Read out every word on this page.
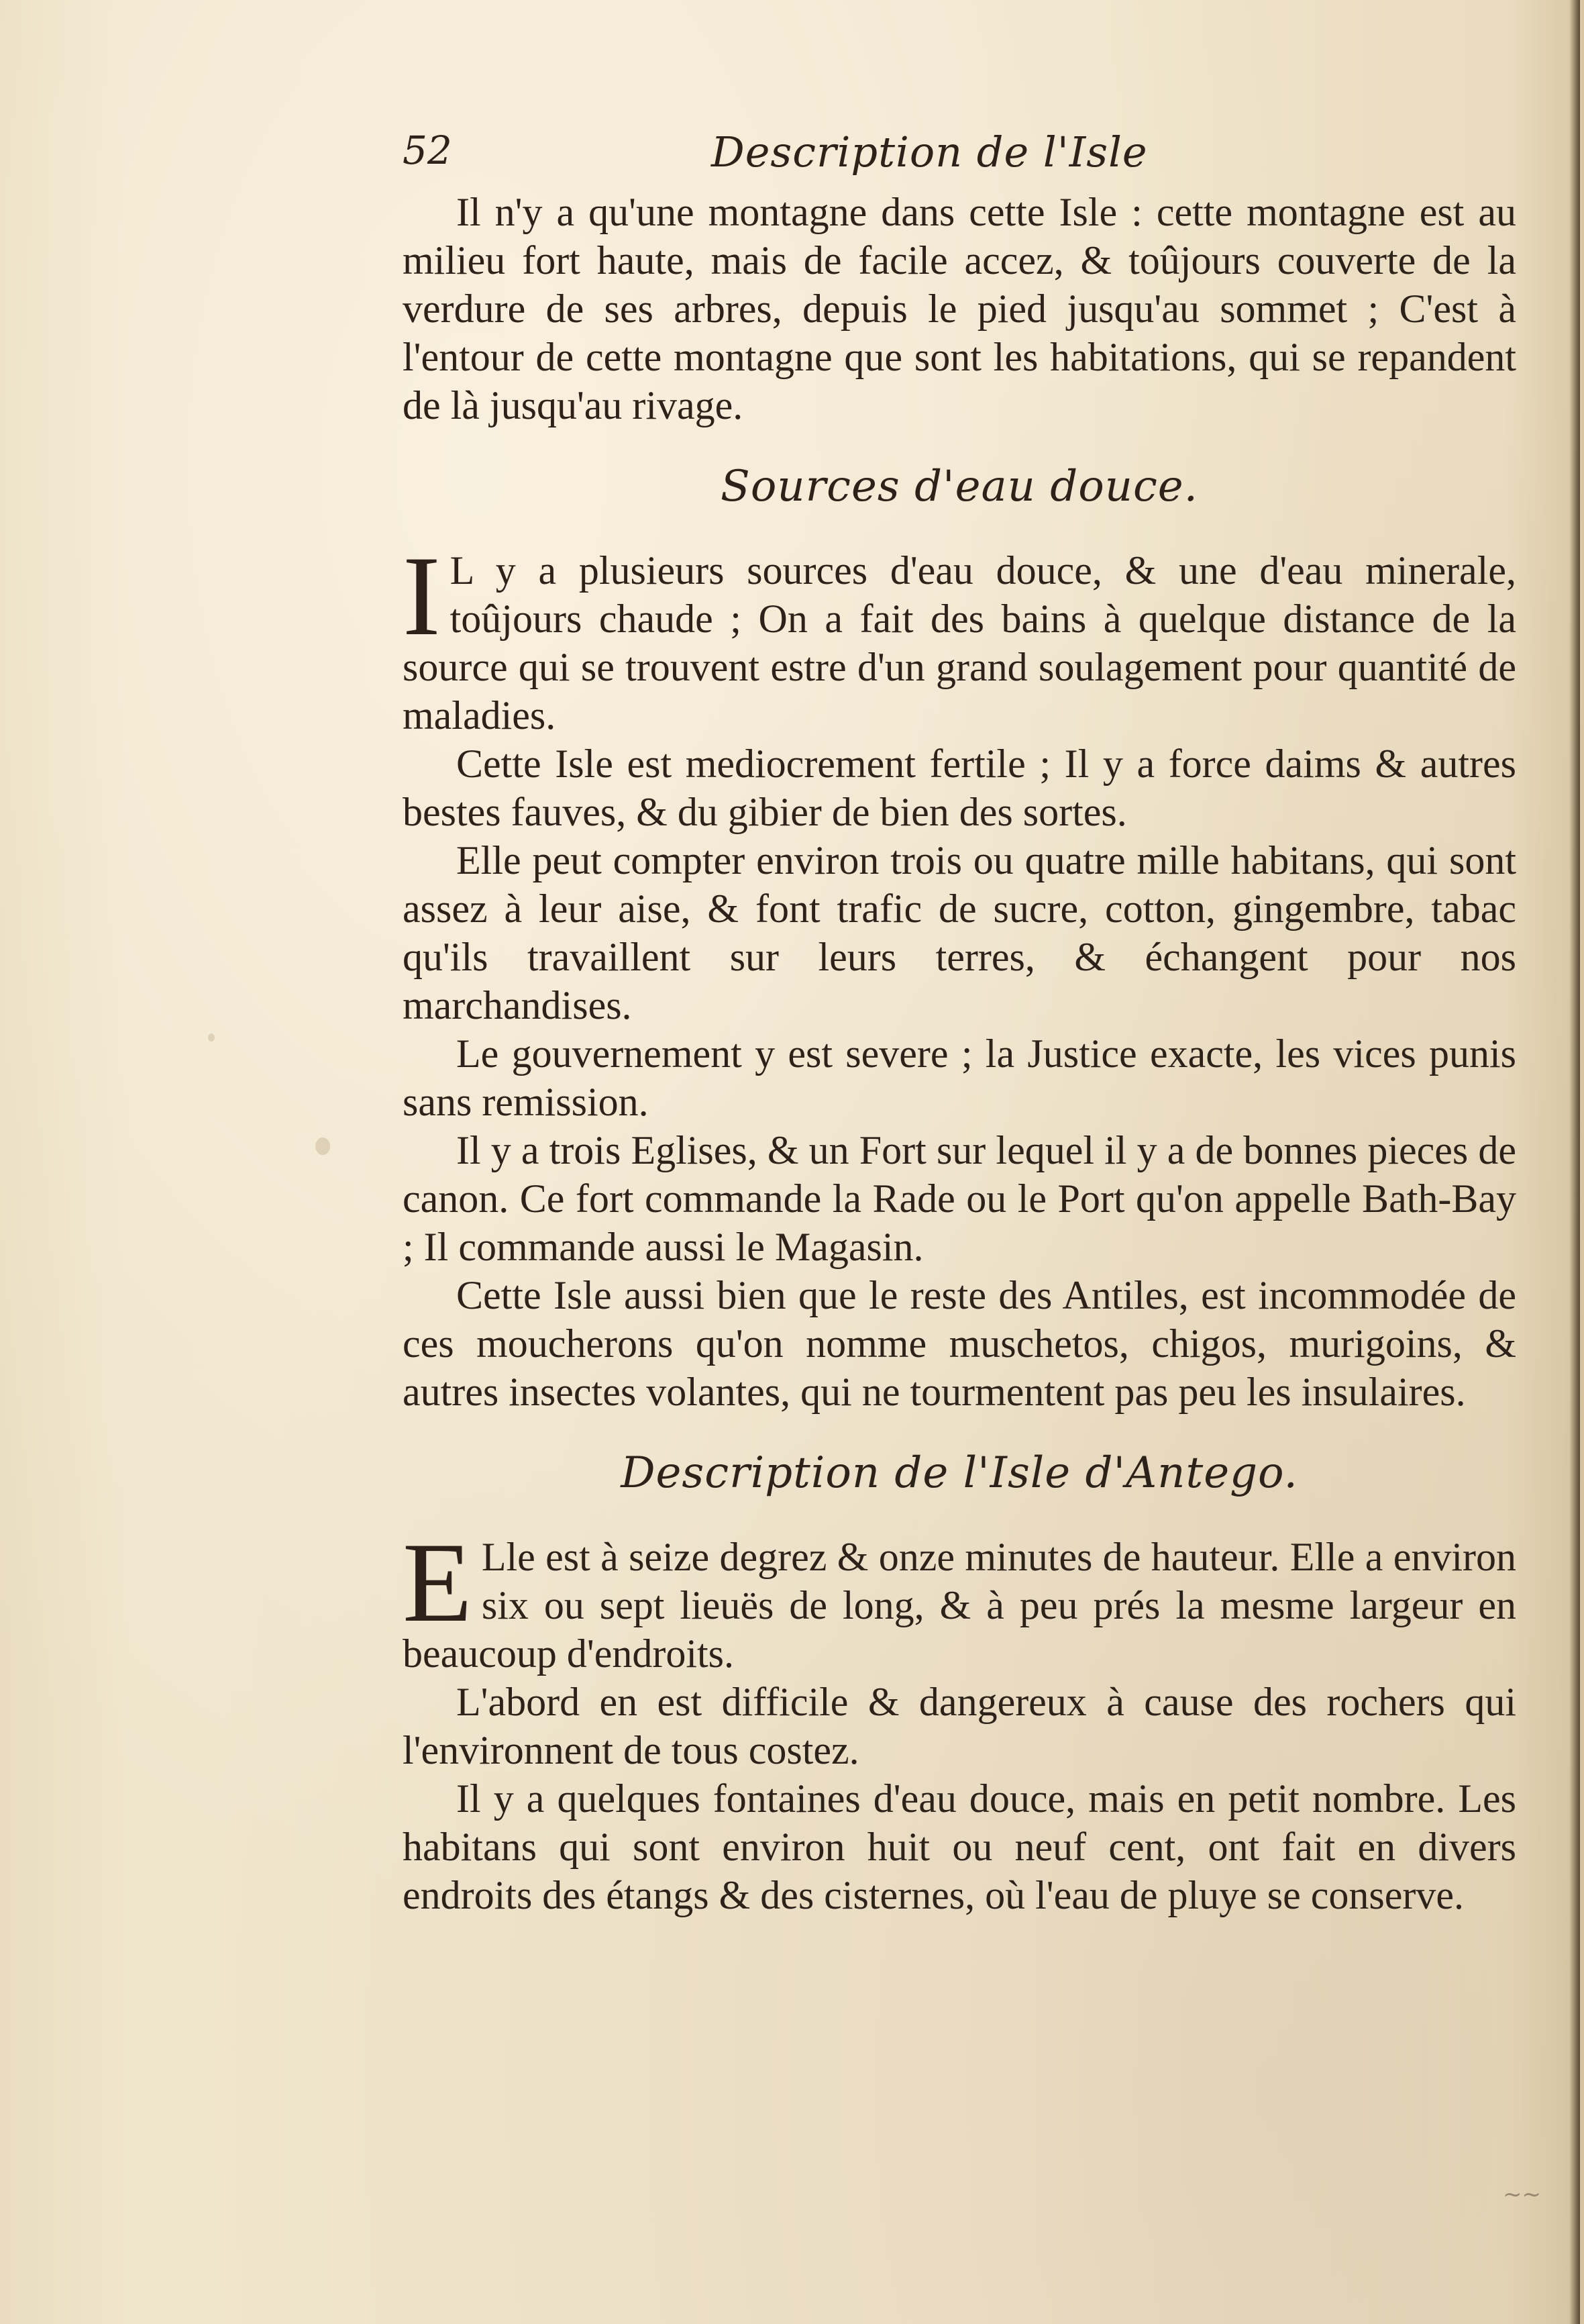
~~
52	Description de l'Isle

Il n'y a qu'une montagne dans cette Isle : cette montagne est au milieu fort haute, mais de facile accez, & toûjours couverte de la verdure de ses arbres, depuis le pied jusqu'au sommet ; C'est à l'entour de cette montagne que sont les habitations, qui se repandent de là jusqu'au rivage.

Sources d'eau douce.

I L y a plusieurs sources d'eau douce, & une d'eau minerale, toûjours chaude ; On a fait des bains à quelque distance de la source qui se trouvent estre d'un grand soulagement pour quantité de maladies.

Cette Isle est mediocrement fertile ; Il y a force daims & autres bestes fauves, & du gibier de bien des sortes.

Elle peut compter environ trois ou quatre mille habitans, qui sont assez à leur aise, & font trafic de sucre, cotton, gingembre, tabac qu'ils travaillent sur leurs terres, & échangent pour nos marchandises.

Le gouvernement y est severe ; la Justice exacte, les vices punis sans remission.

Il y a trois Eglises, & un Fort sur lequel il y a de bonnes pieces de canon. Ce fort commande la Rade ou le Port qu'on appelle Bath-Bay ; Il commande aussi le Magasin.

Cette Isle aussi bien que le reste des Antiles, est incommodée de ces moucherons qu'on nomme muschetos, chigos, murigoins, & autres insectes volantes, qui ne tourmentent pas peu les insulaires.

Description de l'Isle d'Antego.

E Lle est à seize degrez & onze minutes de hauteur. Elle a environ six ou sept lieuës de long, & à peu prés la mesme largeur en beaucoup d'endroits.

L'abord en est difficile & dangereux à cause des rochers qui l'environnent de tous costez.

Il y a quelques fontaines d'eau douce, mais en petit nombre. Les habitans qui sont environ huit ou neuf cent, ont fait en divers endroits des étangs & des cisternes, où l'eau de pluye se conserve.
